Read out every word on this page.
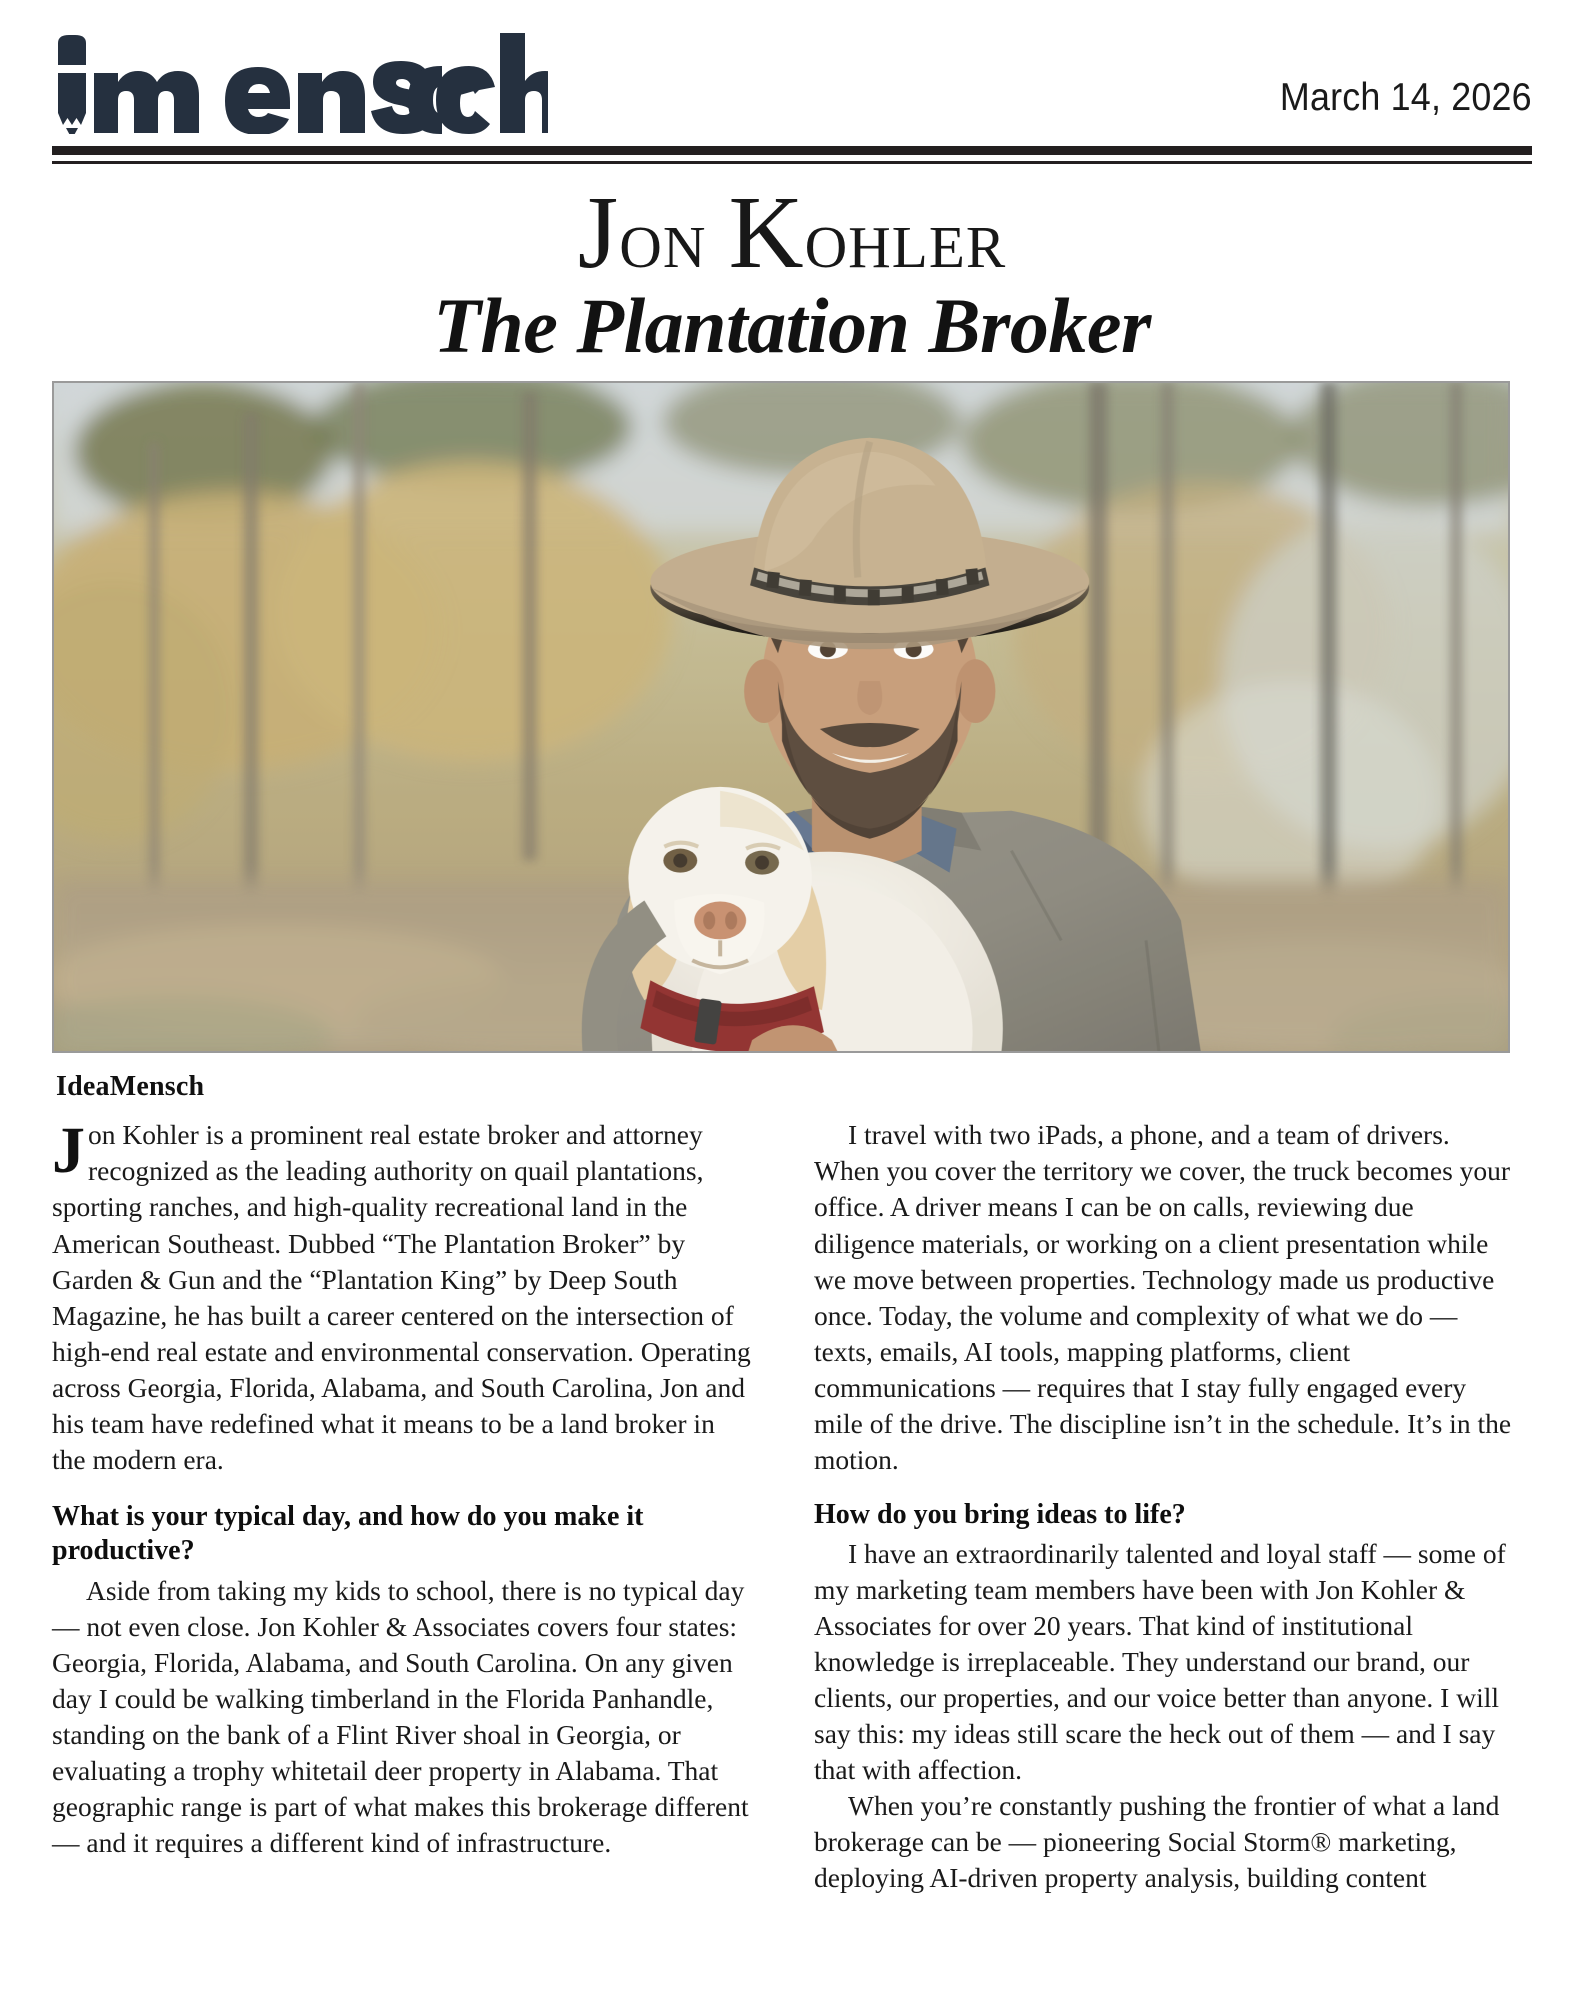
March 14, 2026
Jon Kohler
The Plantation Broker
IdeaMensch

Jon Kohler is a prominent real estate broker and attorney recognized as the leading authority on quail plantations, sporting ranches, and high-quality recreational land in the American Southeast. Dubbed “The Plantation Broker” by Garden & Gun and the “Plantation King” by Deep South Magazine, he has built a career centered on the intersection of high-end real estate and environmental conservation. Operating across Georgia, Florida, Alabama, and South Carolina, Jon and his team have redefined what it means to be a land broker in the modern era.

What is your typical day, and how do you make it productive?

Aside from taking my kids to school, there is no typical day — not even close. Jon Kohler & Associates covers four states: Georgia, Florida, Alabama, and South Carolina. On any given day I could be walking timberland in the Florida Panhandle, standing on the bank of a Flint River shoal in Georgia, or evaluating a trophy whitetail deer property in Alabama. That geographic range is part of what makes this brokerage different — and it requires a different kind of infrastructure.

I travel with two iPads, a phone, and a team of drivers. When you cover the territory we cover, the truck becomes your office. A driver means I can be on calls, reviewing due diligence materials, or working on a client presentation while we move between properties. Technology made us productive once. Today, the volume and complexity of what we do — texts, emails, AI tools, mapping platforms, client communications — requires that I stay fully engaged every mile of the drive. The discipline isn’t in the schedule. It’s in the motion.

How do you bring ideas to life?

I have an extraordinarily talented and loyal staff — some of my marketing team members have been with Jon Kohler & Associates for over 20 years. That kind of institutional knowledge is irreplaceable. They understand our brand, our clients, our properties, and our voice better than anyone. I will say this: my ideas still scare the heck out of them — and I say that with affection.

When you’re constantly pushing the frontier of what a land brokerage can be — pioneering Social Storm® marketing, deploying AI-driven property analysis, building content
